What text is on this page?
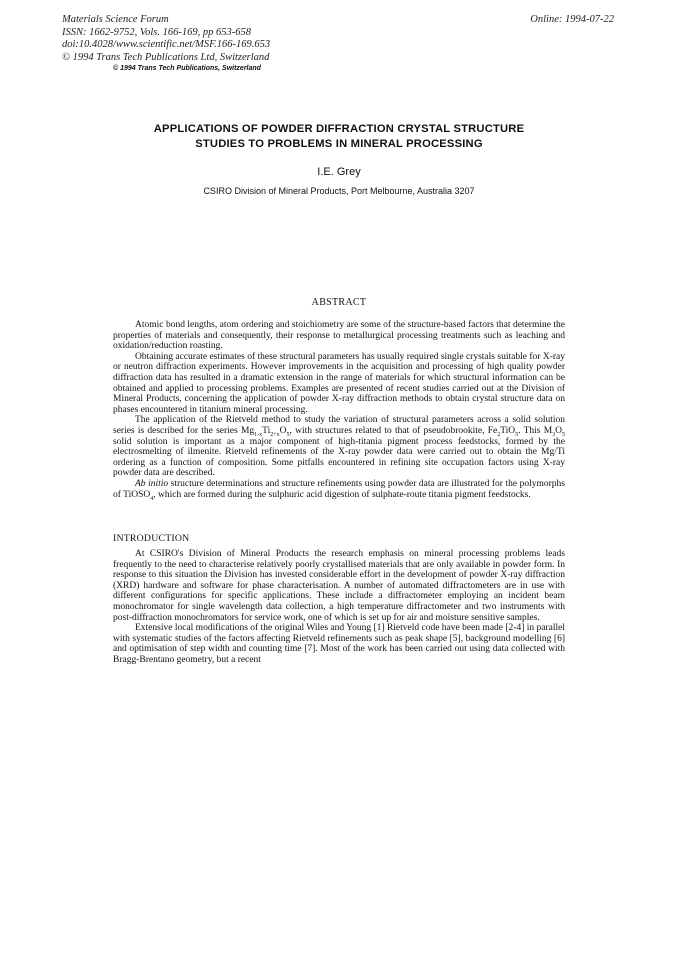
Materials Science Forum
ISSN: 1662-9752, Vols. 166-169, pp 653-658
doi:10.4028/www.scientific.net/MSF.166-169.653
© 1994 Trans Tech Publications Ltd, Switzerland
Online: 1994-07-22
© 1994 Trans Tech Publications, Switzerland
APPLICATIONS OF POWDER DIFFRACTION CRYSTAL STRUCTURE
STUDIES TO PROBLEMS IN MINERAL PROCESSING
I.E. Grey
CSIRO Division of Mineral Products, Port Melbourne, Australia 3207
ABSTRACT

Atomic bond lengths, atom ordering and stoichiometry are some of the structure-based factors that determine the properties of materials and consequently, their response to metallurgical processing treatments such as leaching and oxidation/reduction roasting.

Obtaining accurate estimates of these structural parameters has usually required single crystals suitable for X-ray or neutron diffraction experiments. However improvements in the acquisition and processing of high quality powder diffraction data has resulted in a dramatic extension in the range of materials for which structural information can be obtained and applied to processing problems. Examples are presented of recent studies carried out at the Division of Mineral Products, concerning the application of powder X-ray diffraction methods to obtain crystal structure data on phases encountered in titanium mineral processing.

The application of the Rietveld method to study the variation of structural parameters across a solid solution series is described for the series $Mg_{1-x}Ti_{2+x}O_5$, with structures related to that of pseudobrookite, $Fe_2TiO_5$. This $M_3O_5$ solid solution is important as a major component of high-titania pigment process feedstocks, formed by the electrosmelting of ilmenite. Rietveld refinements of the X-ray powder data were carried out to obtain the Mg/Ti ordering as a function of composition. Some pitfalls encountered in refining site occupation factors using X-ray powder data are described.

Ab initio structure determinations and structure refinements using powder data are illustrated for the polymorphs of TiOSO$_4$, which are formed during the sulphuric acid digestion of sulphate-route titania pigment feedstocks.

INTRODUCTION

At CSIRO's Division of Mineral Products the research emphasis on mineral processing problems leads frequently to the need to characterise relatively poorly crystallised materials that are only available in powder form. In response to this situation the Division has invested considerable effort in the development of powder X-ray diffraction (XRD) hardware and software for phase characterisation. A number of automated diffractometers are in use with different configurations for specific applications. These include a diffractometer employing an incident beam monochromator for single wavelength data collection, a high temperature diffractometer and two instruments with post-diffraction monochromators for service work, one of which is set up for air and moisture sensitive samples.

Extensive local modifications of the original Wiles and Young [1] Rietveld code have been made [2-4] in parallel with systematic studies of the factors affecting Rietveld refinements such as peak shape [5], background modelling [6] and optimisation of step width and counting time [7]. Most of the work has been carried out using data collected with Bragg-Brentano geometry, but a recent
